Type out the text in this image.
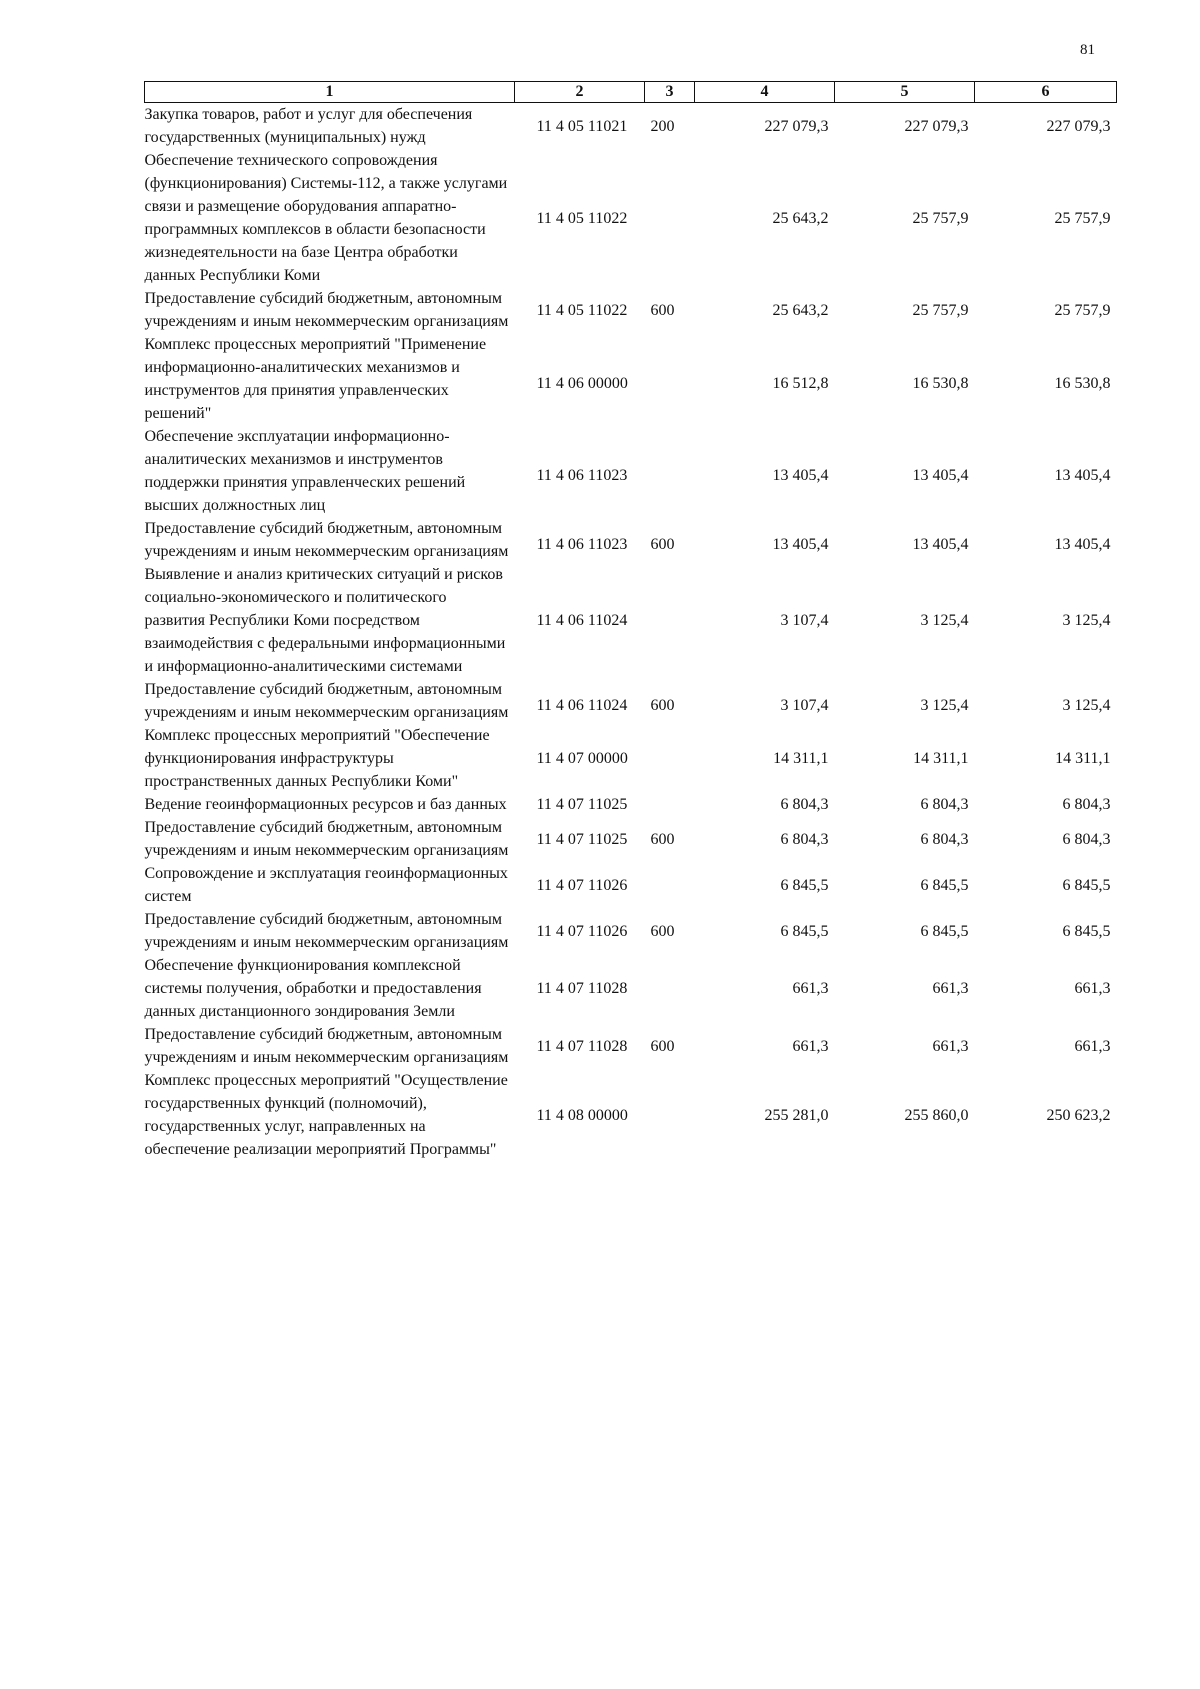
81
1	2	3	4	5	6
Закупка товаров, работ и услуг для обеспечения государственных (муниципальных) нужд	11 4 05 11021	200	227 079,3	227 079,3	227 079,3
Обеспечение технического сопровождения (функционирования) Системы-112, а также услугами связи и размещение оборудования аппаратно-программных комплексов в области безопасности жизнедеятельности на базе Центра обработки данных Республики Коми	11 4 05 11022		25 643,2	25 757,9	25 757,9
Предоставление субсидий бюджетным, автономным учреждениям и иным некоммерческим организациям	11 4 05 11022	600	25 643,2	25 757,9	25 757,9
Комплекс процессных мероприятий "Применение информационно-аналитических механизмов и инструментов для принятия управленческих решений"	11 4 06 00000		16 512,8	16 530,8	16 530,8
Обеспечение эксплуатации информационно-аналитических механизмов и инструментов поддержки принятия управленческих решений высших должностных лиц	11 4 06 11023		13 405,4	13 405,4	13 405,4
Предоставление субсидий бюджетным, автономным учреждениям и иным некоммерческим организациям	11 4 06 11023	600	13 405,4	13 405,4	13 405,4
Выявление и анализ критических ситуаций и рисков социально-экономического и политического развития Республики Коми посредством взаимодействия с федеральными информационными и информационно-аналитическими системами	11 4 06 11024		3 107,4	3 125,4	3 125,4
Предоставление субсидий бюджетным, автономным учреждениям и иным некоммерческим организациям	11 4 06 11024	600	3 107,4	3 125,4	3 125,4
Комплекс процессных мероприятий "Обеспечение функционирования инфраструктуры пространственных данных Республики Коми"	11 4 07 00000		14 311,1	14 311,1	14 311,1
Ведение геоинформационных ресурсов и баз данных	11 4 07 11025		6 804,3	6 804,3	6 804,3
Предоставление субсидий бюджетным, автономным учреждениям и иным некоммерческим организациям	11 4 07 11025	600	6 804,3	6 804,3	6 804,3
Сопровождение и эксплуатация геоинформационных систем	11 4 07 11026		6 845,5	6 845,5	6 845,5
Предоставление субсидий бюджетным, автономным учреждениям и иным некоммерческим организациям	11 4 07 11026	600	6 845,5	6 845,5	6 845,5
Обеспечение функционирования комплексной системы получения, обработки и предоставления данных дистанционного зондирования Земли	11 4 07 11028		661,3	661,3	661,3
Предоставление субсидий бюджетным, автономным учреждениям и иным некоммерческим организациям	11 4 07 11028	600	661,3	661,3	661,3
Комплекс процессных мероприятий "Осуществление государственных функций (полномочий), государственных услуг, направленных на обеспечение реализации мероприятий Программы"	11 4 08 00000		255 281,0	255 860,0	250 623,2
